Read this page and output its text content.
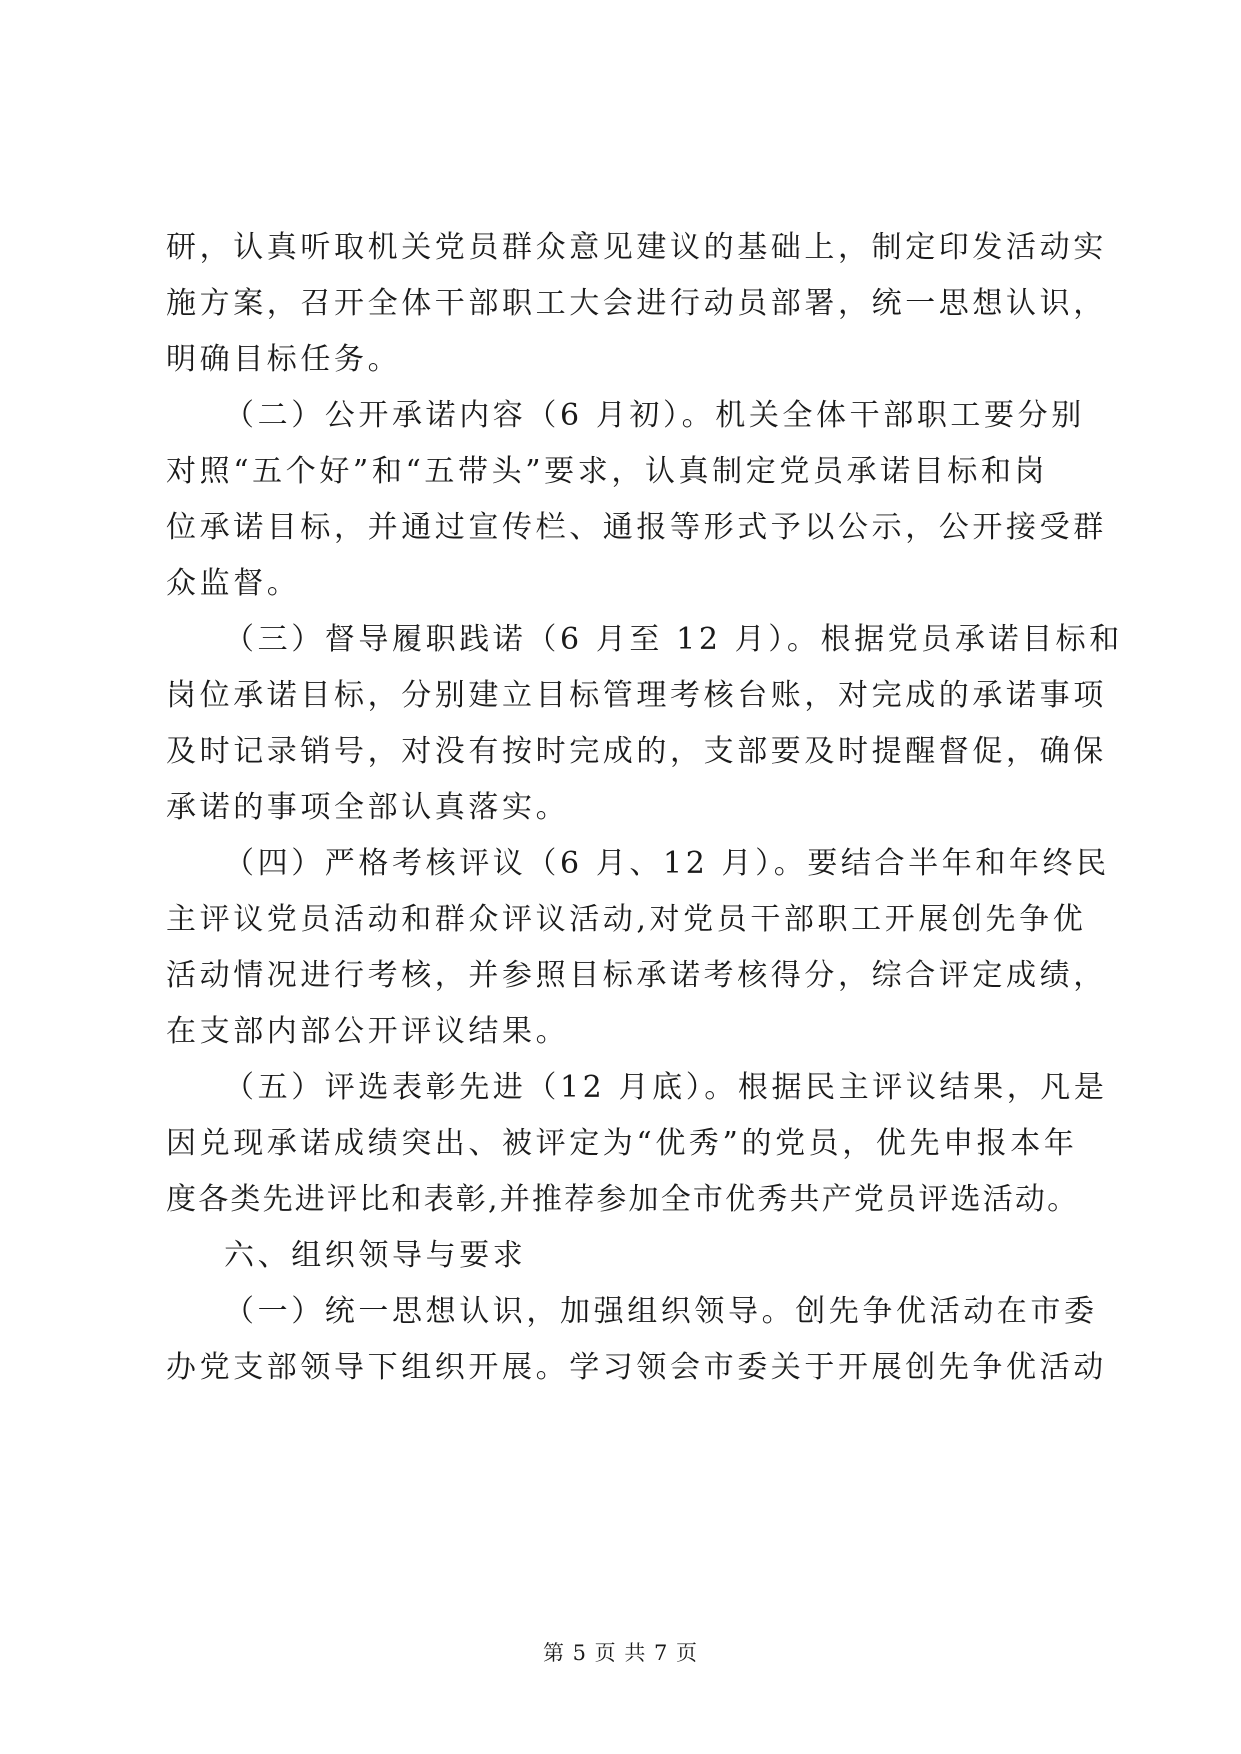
研，认真听取机关党员群众意见建议的基础上，制定印发活动实
施方案，召开全体干部职工大会进行动员部署，统一思想认识，
明确目标任务。
（二）公开承诺内容（6 月初）。机关全体干部职工要分别
对照“五个好”和“五带头”要求，认真制定党员承诺目标和岗
位承诺目标，并通过宣传栏、通报等形式予以公示，公开接受群
众监督。
（三）督导履职践诺（6 月至 12 月）。根据党员承诺目标和
岗位承诺目标，分别建立目标管理考核台账，对完成的承诺事项
及时记录销号，对没有按时完成的，支部要及时提醒督促，确保
承诺的事项全部认真落实。
（四）严格考核评议（6 月、12 月）。要结合半年和年终民
主评议党员活动和群众评议活动,对党员干部职工开展创先争优
活动情况进行考核，并参照目标承诺考核得分，综合评定成绩，
在支部内部公开评议结果。
（五）评选表彰先进（12 月底）。根据民主评议结果，凡是
因兑现承诺成绩突出、被评定为“优秀”的党员，优先申报本年
度各类先进评比和表彰,并推荐参加全市优秀共产党员评选活动。
六、组织领导与要求
（一）统一思想认识，加强组织领导。创先争优活动在市委
办党支部领导下组织开展。学习领会市委关于开展创先争优活动
第 5 页 共 7 页
